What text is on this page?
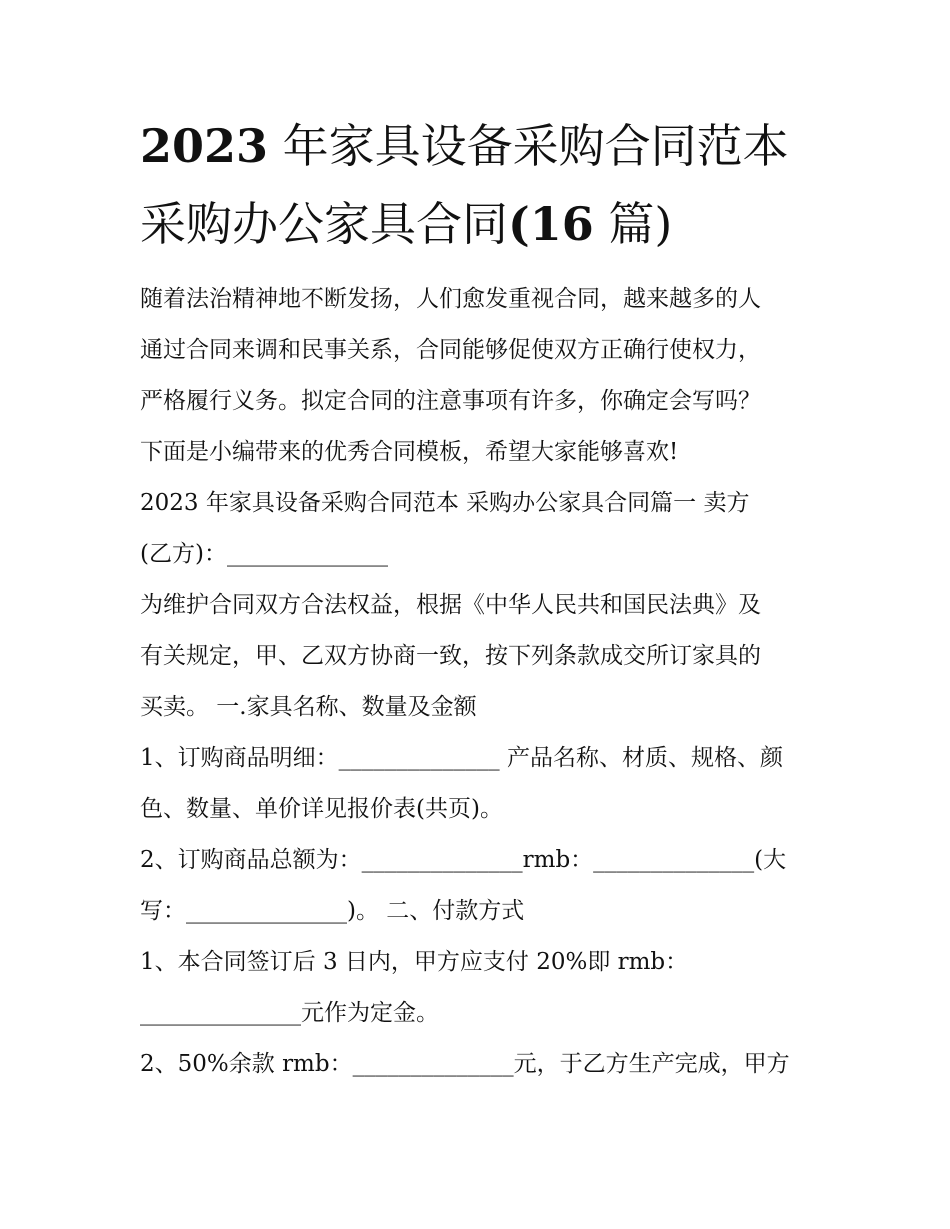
2023 年家具设备采购合同范本
采购办公家具合同(16 篇)
随着法治精神地不断发扬，人们愈发重视合同，越来越多的人
通过合同来调和民事关系，合同能够促使双方正确行使权力，
严格履行义务。拟定合同的注意事项有许多，你确定会写吗？
下面是小编带来的优秀合同模板，希望大家能够喜欢!
2023 年家具设备采购合同范本 采购办公家具合同篇一 卖方
(乙方)：______________
为维护合同双方合法权益，根据《中华人民共和国民法典》及
有关规定，甲、乙双方协商一致，按下列条款成交所订家具的
买卖。 一.家具名称、数量及金额
1、订购商品明细：______________ 产品名称、材质、规格、颜
色、数量、单价详见报价表(共页)。
2、订购商品总额为：______________rmb：______________(大
写：______________)。 二、付款方式
1、本合同签订后 3 日内，甲方应支付 20%即 rmb：
______________元作为定金。
2、50%余款 rmb：______________元，于乙方生产完成，甲方
